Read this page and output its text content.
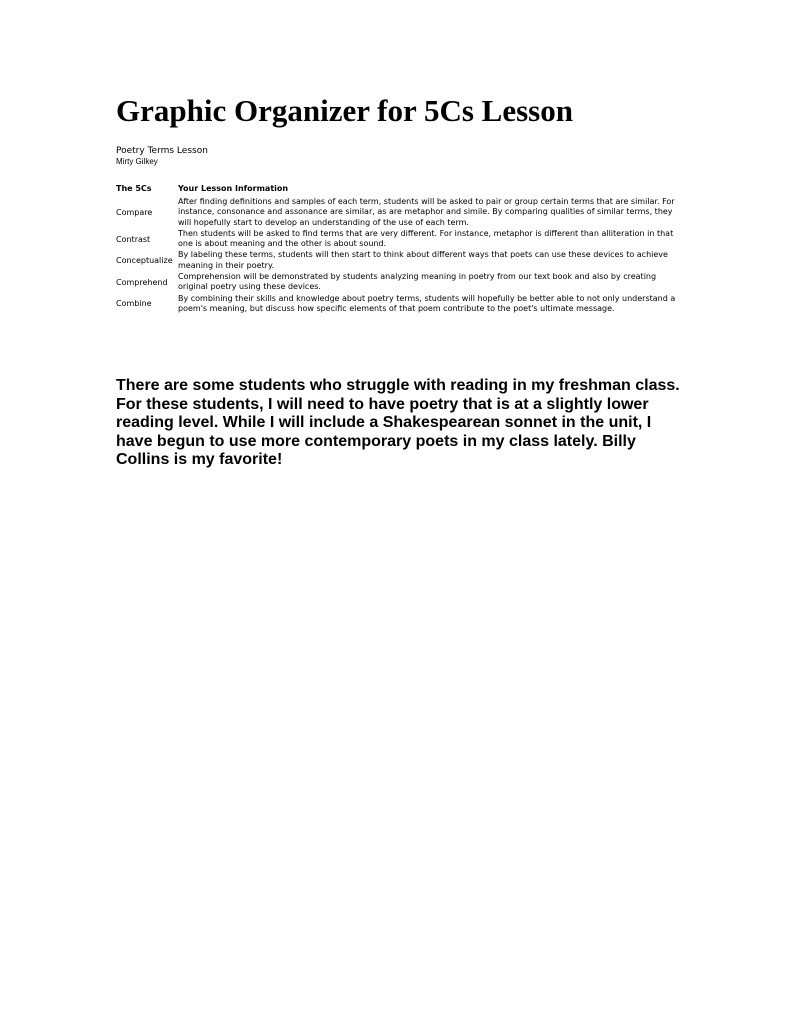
Graphic Organizer for 5Cs Lesson
Poetry Terms Lesson
Mirty Gilkey
The 5Cs	Your Lesson Information
Compare	After finding definitions and samples of each term, students will be asked to pair or group certain terms that are similar. For instance, consonance and assonance are similar, as are metaphor and simile. By comparing qualities of similar terms, they will hopefully start to develop an understanding of the use of each term.
Contrast	Then students will be asked to find terms that are very different. For instance, metaphor is different than alliteration in that one is about meaning and the other is about sound.
Conceptualize	By labeling these terms, students will then start to think about different ways that poets can use these devices to achieve meaning in their poetry.
Comprehend	Comprehension will be demonstrated by students analyzing meaning in poetry from our text book and also by creating original poetry using these devices.
Combine	By combining their skills and knowledge about poetry terms, students will hopefully be better able to not only understand a poem's meaning, but discuss how specific elements of that poem contribute to the poet's ultimate message.

There are some students who struggle with reading in my freshman class. For these students, I will need to have poetry that is at a slightly lower reading level. While I will include a Shakespearean sonnet in the unit, I have begun to use more contemporary poets in my class lately. Billy Collins is my favorite!
